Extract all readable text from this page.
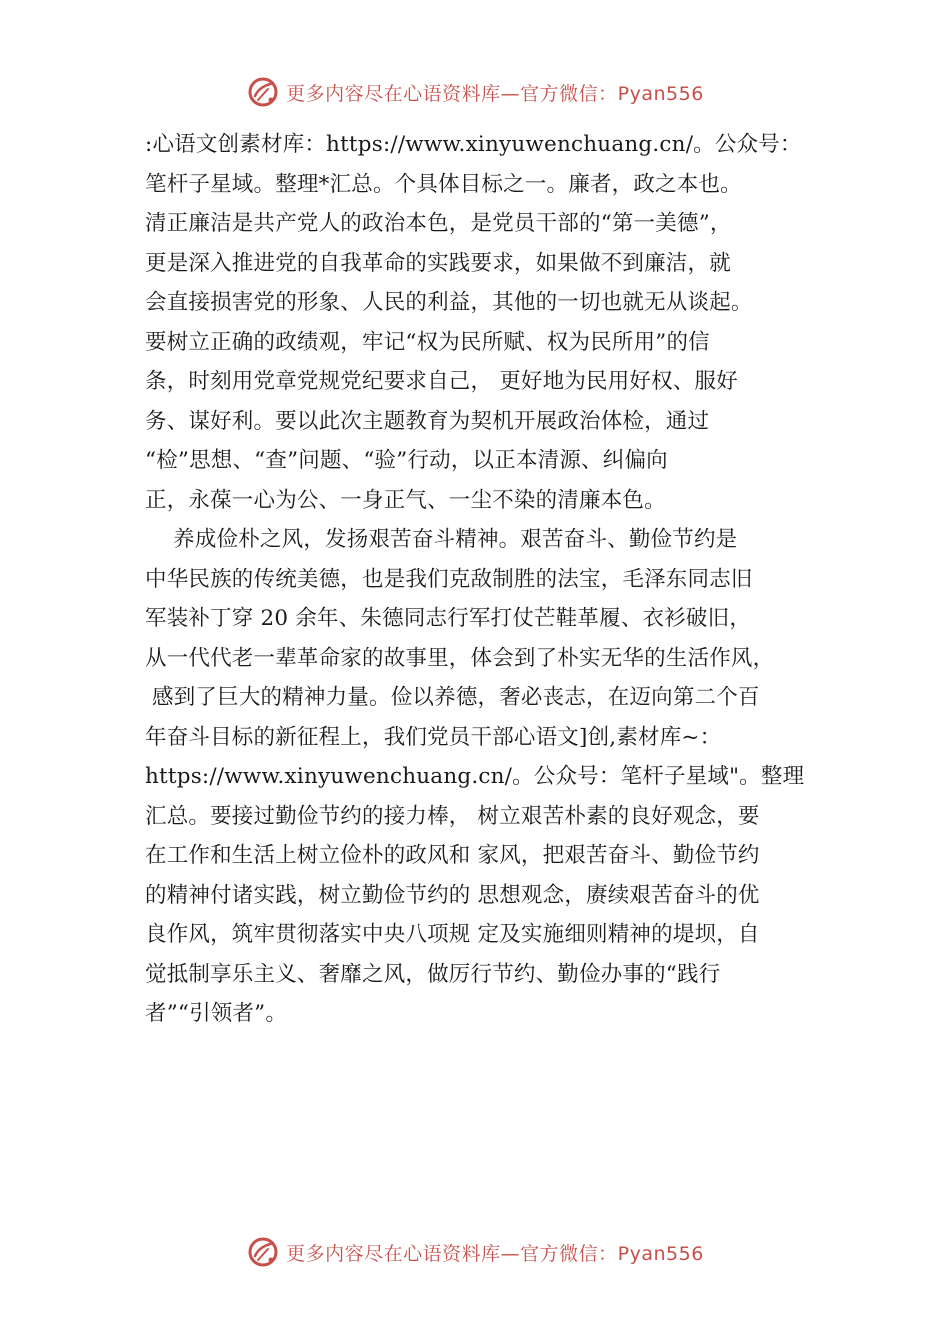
更多内容尽在心语资料库—官方微信：Pyan556
:心语文创素材库：https://www.xinyuwenchuang.cn/。公众号：
笔杆子星域。整理*汇总。个具体目标之一。廉者，政之本也。
清正廉洁是共产党人的政治本色，是党员干部的“第一美德”，
更是深入推进党的自我革命的实践要求，如果做不到廉洁，就
会直接损害党的形象、人民的利益，其他的一切也就无从谈起。
要树立正确的政绩观，牢记“权为民所赋、权为民所用”的信
条，时刻用党章党规党纪要求自己， 更好地为民用好权、服好
务、谋好利。要以此次主题教育为契机开展政治体检，通过
“检”思想、“查”问题、“验”行动，以正本清源、纠偏向
正，永葆一心为公、一身正气、一尘不染的清廉本色。
养成俭朴之风，发扬艰苦奋斗精神。艰苦奋斗、勤俭节约是
中华民族的传统美德，也是我们克敌制胜的法宝，毛泽东同志旧
军装补丁穿 20 余年、朱德同志行军打仗芒鞋革履、衣衫破旧，
从一代代老一辈革命家的故事里，体会到了朴实无华的生活作风，
感到了巨大的精神力量。俭以养德，奢必丧志，在迈向第二个百
年奋斗目标的新征程上，我们党员干部心语文]创,素材库~：
https://www.xinyuwenchuang.cn/。公众号：笔杆子星域"。整理
汇总。要接过勤俭节约的接力棒， 树立艰苦朴素的良好观念，要
在工作和生活上树立俭朴的政风和 家风，把艰苦奋斗、勤俭节约
的精神付诸实践，树立勤俭节约的 思想观念，赓续艰苦奋斗的优
良作风，筑牢贯彻落实中央八项规 定及实施细则精神的堤坝，自
觉抵制享乐主义、奢靡之风，做厉行节约、勤俭办事的“践行
者”“引领者”。
更多内容尽在心语资料库—官方微信：Pyan556
